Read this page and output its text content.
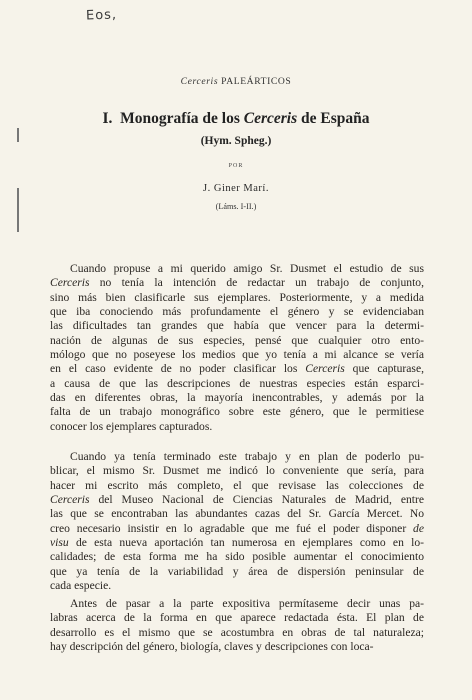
Eos,
Cerceris PALEÁRTICOS
I. Monografía de los Cerceris de España
(Hym. Spheg.)
POR
J. Giner Marí.
(Láms. I-II.)
Cuando propuse a mi querido amigo Sr. Dusmet el estudio de sus
Cerceris no tenía la intención de redactar un trabajo de conjunto,
sino más bien clasificarle sus ejemplares. Posteriormente, y a medida
que iba conociendo más profundamente el género y se evidenciaban
las dificultades tan grandes que había que vencer para la determi-
nación de algunas de sus especies, pensé que cualquier otro ento-
mólogo que no poseyese los medios que yo tenía a mi alcance se vería
en el caso evidente de no poder clasificar los Cerceris que capturase,
a causa de que las descripciones de nuestras especies están esparci-
das en diferentes obras, la mayoría inencontrables, y además por la
falta de un trabajo monográfico sobre este género, que le permitiese
conocer los ejemplares capturados.
Cuando ya tenía terminado este trabajo y en plan de poderlo pu-
blicar, el mismo Sr. Dusmet me indicó lo conveniente que sería, para
hacer mi escrito más completo, el que revisase las colecciones de
Cerceris del Museo Nacional de Ciencias Naturales de Madrid, entre
las que se encontraban las abundantes cazas del Sr. García Mercet. No
creo necesario insistir en lo agradable que me fué el poder disponer de
visu de esta nueva aportación tan numerosa en ejemplares como en lo-
calidades; de esta forma me ha sido posible aumentar el conocimiento
que ya tenía de la variabilidad y área de dispersión peninsular de
cada especie.
Antes de pasar a la parte expositiva permítaseme decir unas pa-
labras acerca de la forma en que aparece redactada ésta. El plan de
desarrollo es el mismo que se acostumbra en obras de tal naturaleza;
hay descripción del género, biología, claves y descripciones con loca-
